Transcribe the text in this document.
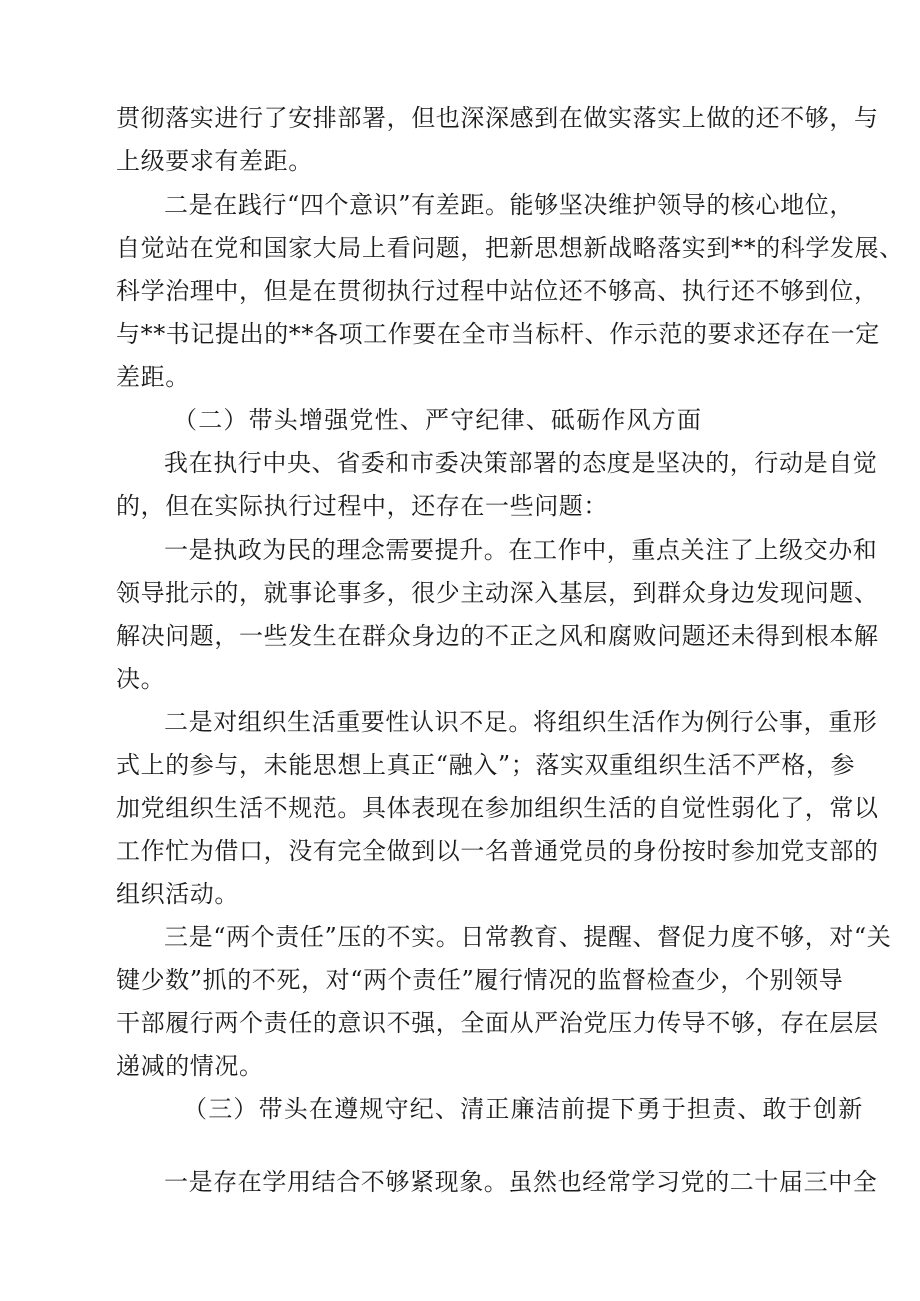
贯彻落实进行了安排部署，但也深深感到在做实落实上做的还不够，与
上级要求有差距。
二是在践行“四个意识”有差距。能够坚决维护领导的核心地位，
自觉站在党和国家大局上看问题，把新思想新战略落实到**的科学发展、
科学治理中，但是在贯彻执行过程中站位还不够高、执行还不够到位，
与**书记提出的**各项工作要在全市当标杆、作示范的要求还存在一定
差距。
（二）带头增强党性、严守纪律、砥砺作风方面
我在执行中央、省委和市委决策部署的态度是坚决的，行动是自觉
的，但在实际执行过程中，还存在一些问题：
一是执政为民的理念需要提升。在工作中，重点关注了上级交办和
领导批示的，就事论事多，很少主动深入基层，到群众身边发现问题、
解决问题，一些发生在群众身边的不正之风和腐败问题还未得到根本解
决。
二是对组织生活重要性认识不足。将组织生活作为例行公事，重形
式上的参与，未能思想上真正“融入”；落实双重组织生活不严格，参
加党组织生活不规范。具体表现在参加组织生活的自觉性弱化了，常以
工作忙为借口，没有完全做到以一名普通党员的身份按时参加党支部的
组织活动。
三是“两个责任”压的不实。日常教育、提醒、督促力度不够，对“关
键少数”抓的不死，对“两个责任”履行情况的监督检查少，个别领导
干部履行两个责任的意识不强，全面从严治党压力传导不够，存在层层
递减的情况。
（三）带头在遵规守纪、清正廉洁前提下勇于担责、敢于创新
一是存在学用结合不够紧现象。虽然也经常学习党的二十届三中全
